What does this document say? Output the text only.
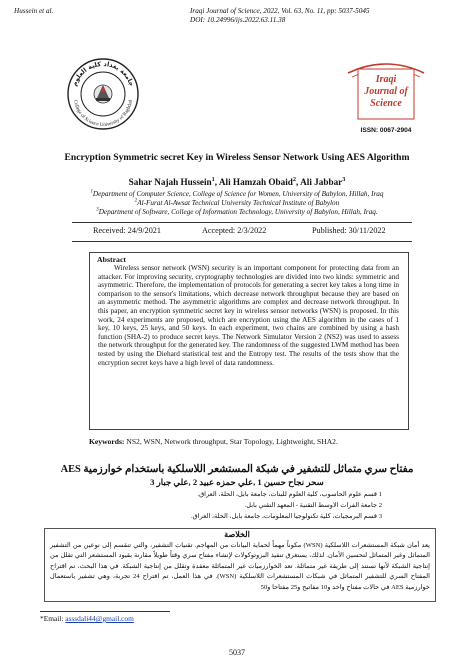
Hussein et al.	Iraqi Journal of Science, 2022, Vol. 63, No. 11, pp: 5037-5045
DOI: 10.24996/ijs.2022.63.11.38
جامعة بغداد كلية العلوم
College of Science University of Baghdad
Iraqi
Journal of
Science
ISSN: 0067-2904
Encryption Symmetric secret Key in Wireless Sensor Network Using AES Algorithm
Sahar Najah Hussein$^1$, Ali Hamzah Obaid$^2$, Ali Jabbar$^3$
$^1$Department of Computer Science, College of Science for Women, University of Babylon, Hillah, Iraq
$^2$Al-Furat Al-Awsat Technical University Technical Institute of Babylon
$^3$Department of Software, College of Information Technology, University of Babylon, Hillah, Iraq.
Received: 24/9/2021	Accepted: 2/3/2022	Published: 30/11/2022
Abstract
Wireless sensor network (WSN) security is an important component for protecting data from an attacker. For improving security, cryptography technologies are divided into two kinds: symmetric and asymmetric. Therefore, the implementation of protocols for generating a secret key takes a long time in comparison to the sensor's limitations, which decrease network throughput because they are based on an asymmetric method. The asymmetric algorithms are complex and decrease network throughput. In this paper, an encryption symmetric secret key in wireless sensor networks (WSN) is proposed. In this work, 24 experiments are proposed, which are encryption using the AES algorithm in the cases of 1 key, 10 keys, 25 keys, and 50 keys. In each experiment, two chains are combined by using a hash function (SHA-2) to produce secret keys. The Network Simulator Version 2 (NS2) was used to assess the network throughput for the generated key. The randomness of the suggested LWM method has been tested by using the Diehard statistical test and the Entropy test. The results of the tests show that the encryption secret keys have a high level of data randomness.
Keywords: NS2, WSN, Network throughput, Star Topology, Lightweight, SHA2.
مفتاح سري متماثل للتشفير في شبكة المستشعر اللاسلكية باستخدام خوارزمية AES
سحر نجاح حسين 1 ,علي حمزه عبيد 2 ,علي جبار 3
الخلاصة
يعد أمان شبكة المستشعرات اللاسلكية (WSN) مكوناً مهماً لحماية البيانات من المهاجم. تقنيات التشفير، والتي تنقسم إلى نوعين من التشفير المتماثل وغير المتماثل لتحسين الأمان. لذلك، يستغرق تنفيذ البروتوكولات لإنشاء مفتاح سري وقتاً طويلاً مقارنة بقيود المستشعر التي تقلل من إنتاجية الشبكة لأنها تستند إلى طريقة غير متماثلة. تعد الخوارزميات غير المتماثلة معقدة وتقلل من إنتاجية الشبكة. في هذا البحث، تم اقتراح المفتاح السري للتشفير المتماثل في شبكات المستشعرات اللاسلكية (WSN). في هذا العمل، تم اقتراح 24 تجربة، وهي تشفير باستعمال خوارزمية AES في حالات مفتاح واحد و10 مفاتيح و25 مفتاحا و50
*Email: asssdali44@gmail.com
5037
1 قسم علوم الحاسوب، كلية العلوم للبنات، جامعة بابل، الحلة، العراق.
2 جامعة الفرات الاوسط التقنية - المعهد التقني بابل.
3 قسم البرمجيات، كلية تكنولوجيا المعلومات، جامعة بابل، الحلة، العراق.
